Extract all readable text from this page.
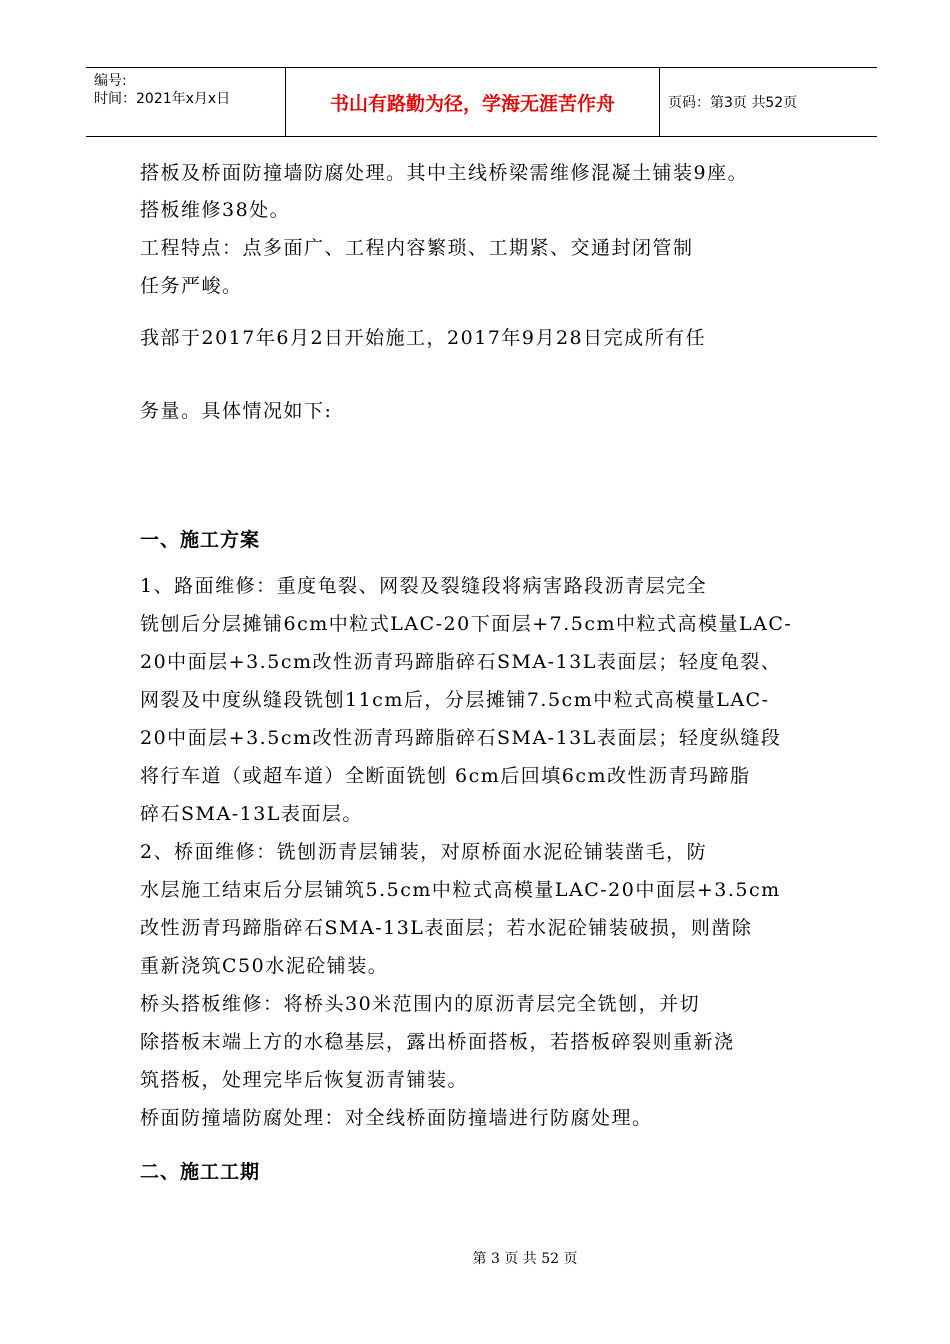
编号:
时间：2021年x月x日	书山有路勤为径，学海无涯苦作舟	页码：第3页 共52页

搭板及桥面防撞墙防腐处理。其中主线桥梁需维修混凝土铺装9座。

搭板维修38处。

工程特点：点多面广、工程内容繁琐、工期紧、交通封闭管制

任务严峻。

我部于2017年6月2日开始施工，2017年9月28日完成所有任

务量。具体情况如下:

一、施工方案

1、路面维修：重度龟裂、网裂及裂缝段将病害路段沥青层完全

铣刨后分层摊铺6cm中粒式LAC-20下面层+7.5cm中粒式高模量LAC-

20中面层+3.5cm改性沥青玛蹄脂碎石SMA-13L表面层；轻度龟裂、

网裂及中度纵缝段铣刨11cm后，分层摊铺7.5cm中粒式高模量LAC-

20中面层+3.5cm改性沥青玛蹄脂碎石SMA-13L表面层；轻度纵缝段

将行车道（或超车道）全断面铣刨 6cm后回填6cm改性沥青玛蹄脂

碎石SMA-13L表面层。

2、桥面维修：铣刨沥青层铺装，对原桥面水泥砼铺装凿毛，防

水层施工结束后分层铺筑5.5cm中粒式高模量LAC-20中面层+3.5cm

改性沥青玛蹄脂碎石SMA-13L表面层；若水泥砼铺装破损，则凿除

重新浇筑C50水泥砼铺装。

桥头搭板维修：将桥头30米范围内的原沥青层完全铣刨，并切

除搭板末端上方的水稳基层，露出桥面搭板，若搭板碎裂则重新浇

筑搭板，处理完毕后恢复沥青铺装。

桥面防撞墙防腐处理：对全线桥面防撞墙进行防腐处理。

二、施工工期
第 3 页 共 52 页
